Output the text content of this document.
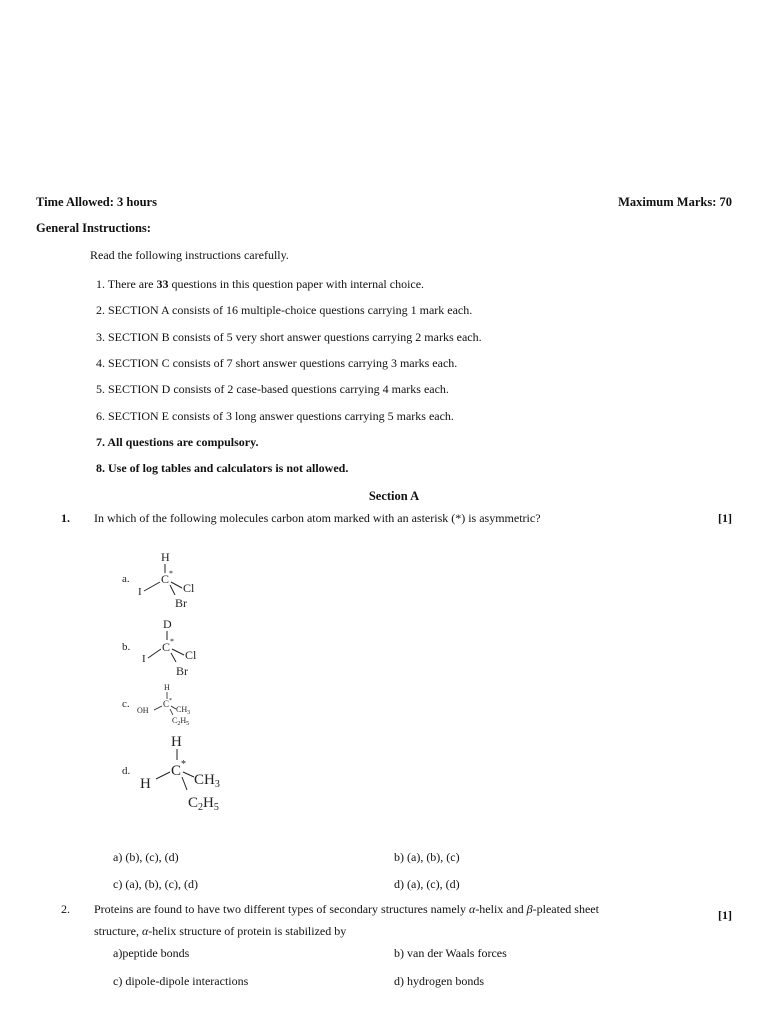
Time Allowed: 3 hours	Maximum Marks: 70
General Instructions:
Read the following instructions carefully.
1. There are 33 questions in this question paper with internal choice.
2. SECTION A consists of 16 multiple-choice questions carrying 1 mark each.
3. SECTION B consists of 5 very short answer questions carrying 2 marks each.
4. SECTION C consists of 7 short answer questions carrying 3 marks each.
5. SECTION D consists of 2 case-based questions carrying 4 marks each.
6. SECTION E consists of 3 long answer questions carrying 5 marks each.
7. All questions are compulsory.
8. Use of log tables and calculators is not allowed.
Section A
1. In which of the following molecules carbon atom marked with an asterisk (*) is asymmetric?	[1]
a.
H
C *
I	Cl
Br
b.
D
C *
I	Cl
Br
c.
H
C *
OH	$CH_3$
$C_2H_5$
d.
H
C *
H	$CH_3$
$C_2H_5$
a) (b), (c), (d)	b) (a), (b), (c)
c) (a), (b), (c), (d)	d) (a), (c), (d)
2. Proteins are found to have two different types of secondary structures namely α-helix and β-pleated sheet	[1]
structure, α-helix structure of protein is stabilized by
a)peptide bonds	b) van der Waals forces
c) dipole-dipole interactions	d) hydrogen bonds
